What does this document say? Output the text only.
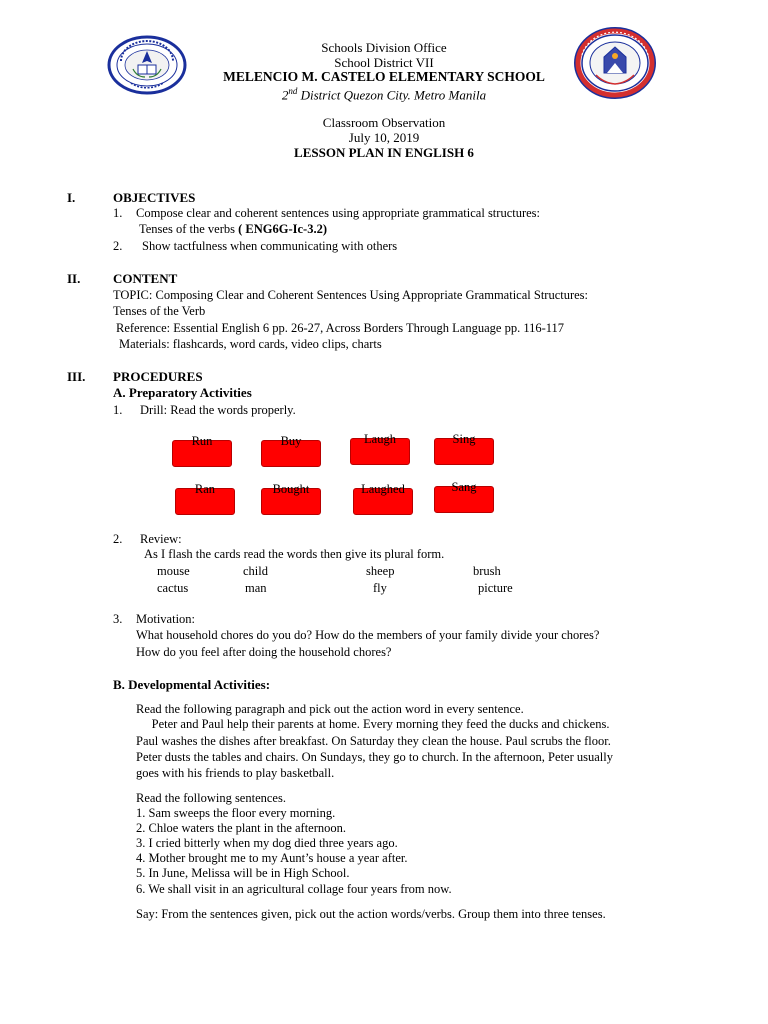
Schools Division Office
School District VII
MELENCIO M. CASTELO ELEMENTARY SCHOOL
2nd District Quezon City. Metro Manila
Classroom Observation
July 10, 2019
LESSON PLAN IN ENGLISH 6
I.	OBJECTIVES
1. Compose clear and coherent sentences using appropriate grammatical structures:
Tenses of the verbs ( ENG6G-Ic-3.2)
2. Show tactfulness when communicating with others
II.	CONTENT
TOPIC: Composing Clear and Coherent Sentences Using Appropriate Grammatical Structures:
Tenses of the Verb
Reference: Essential English 6 pp. 26-27, Across Borders Through Language pp. 116-117
Materials: flashcards, word cards, video clips, charts
III. PROCEDURES
A. Preparatory Activities
1. Drill: Read the words properly.
Run	Buy	Laugh	Sing
Ran	Bought	Laughed	Sang
2. Review:
As I flash the cards read the words then give its plural form.
mouse	child	sheep	brush
cactus	man	fly	picture
3. Motivation:
What household chores do you do? How do the members of your family divide your chores?
How do you feel after doing the household chores?
B. Developmental Activities:
Read the following paragraph and pick out the action word in every sentence.
Peter and Paul help their parents at home. Every morning they feed the ducks and chickens.
Paul washes the dishes after breakfast. On Saturday they clean the house. Paul scrubs the floor.
Peter dusts the tables and chairs. On Sundays, they go to church. In the afternoon, Peter usually
goes with his friends to play basketball.
Read the following sentences.
1. Sam sweeps the floor every morning.
2. Chloe waters the plant in the afternoon.
3. I cried bitterly when my dog died three years ago.
4. Mother brought me to my Aunt’s house a year after.
5. In June, Melissa will be in High School.
6. We shall visit in an agricultural collage four years from now.
Say: From the sentences given, pick out the action words/verbs. Group them into three tenses.
